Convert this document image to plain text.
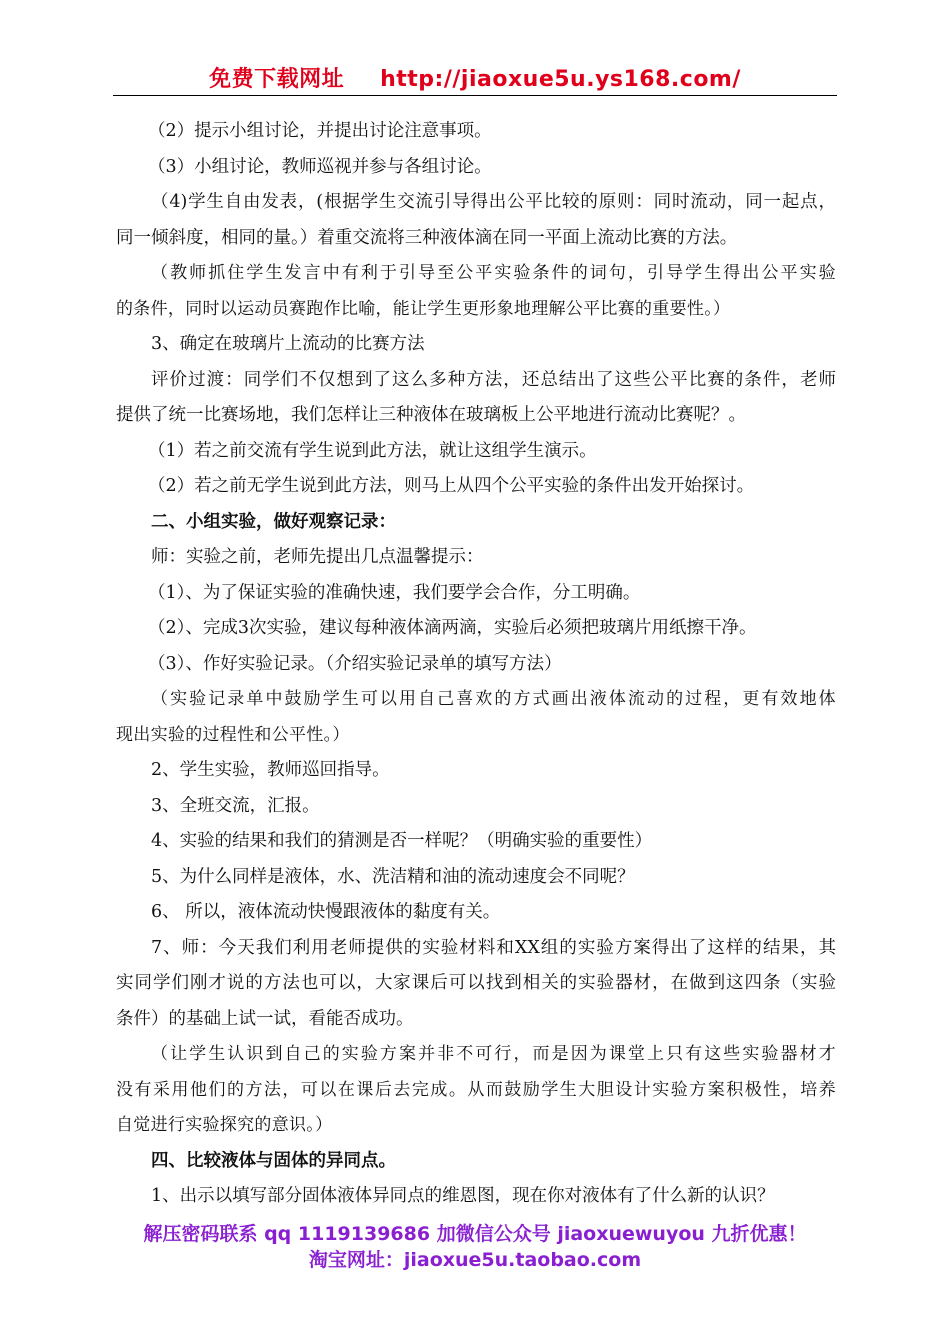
免费下载网址 http://jiaoxue5u.ys168.com/

（2）提示小组讨论，并提出讨论注意事项。

（3）小组讨论，教师巡视并参与各组讨论。

（4)学生自由发表，(根据学生交流引导得出公平比较的原则：同时流动，同一起点，

同一倾斜度，相同的量。）着重交流将三种液体滴在同一平面上流动比赛的方法。

（教师抓住学生发言中有利于引导至公平实验条件的词句，引导学生得出公平实验

的条件，同时以运动员赛跑作比喻，能让学生更形象地理解公平比赛的重要性。）

3、确定在玻璃片上流动的比赛方法

评价过渡：同学们不仅想到了这么多种方法，还总结出了这些公平比赛的条件，老师

提供了统一比赛场地，我们怎样让三种液体在玻璃板上公平地进行流动比赛呢？。

（1）若之前交流有学生说到此方法，就让这组学生演示。

（2）若之前无学生说到此方法，则马上从四个公平实验的条件出发开始探讨。

二、小组实验，做好观察记录：

师：实验之前，老师先提出几点温馨提示：

（1）、为了保证实验的准确快速，我们要学会合作，分工明确。

（2）、完成3次实验，建议每种液体滴两滴，实验后必须把玻璃片用纸擦干净。

（3）、作好实验记录。（介绍实验记录单的填写方法）

（实验记录单中鼓励学生可以用自己喜欢的方式画出液体流动的过程，更有效地体

现出实验的过程性和公平性。）

2、学生实验，教师巡回指导。

3、全班交流，汇报。

4、实验的结果和我们的猜测是否一样呢？（明确实验的重要性）

5、为什么同样是液体，水、洗洁精和油的流动速度会不同呢？

6、 所以，液体流动快慢跟液体的黏度有关。

7、师：今天我们利用老师提供的实验材料和XX组的实验方案得出了这样的结果，其

实同学们刚才说的方法也可以，大家课后可以找到相关的实验器材，在做到这四条（实验

条件）的基础上试一试，看能否成功。

（让学生认识到自己的实验方案并非不可行，而是因为课堂上只有这些实验器材才

没有采用他们的方法，可以在课后去完成。从而鼓励学生大胆设计实验方案积极性，培养

自觉进行实验探究的意识。）

四、比较液体与固体的异同点。

1、出示以填写部分固体液体异同点的维恩图，现在你对液体有了什么新的认识？

解压密码联系 qq 1119139686 加微信公众号 jiaoxuewuyou 九折优惠！
淘宝网址：jiaoxue5u.taobao.com
